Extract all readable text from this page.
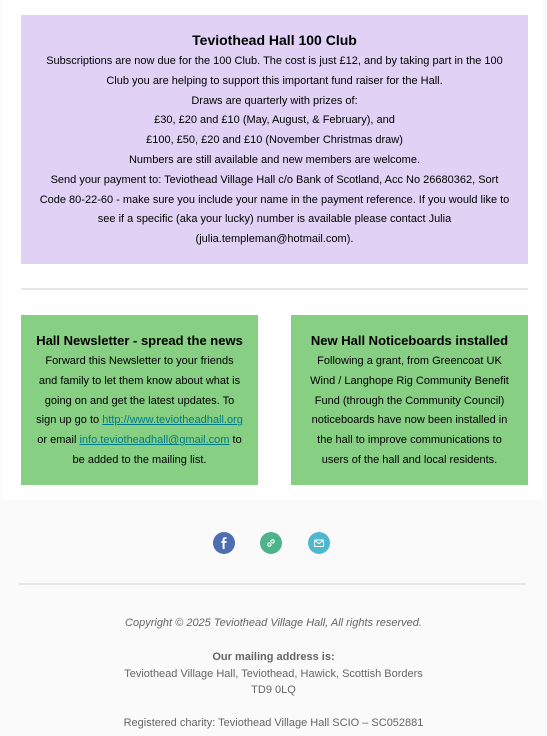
Teviothead Hall 100 Club

Subscriptions are now due for the 100 Club. The cost is just £12, and by taking part in the 100 Club you are helping to support this important fund raiser for the Hall.

Draws are quarterly with prizes of:

£30, £20 and £10 (May, August, & February), and

£100, £50, £20 and £10 (November Christmas draw)

Numbers are still available and new members are welcome.

Send your payment to: Teviothead Village Hall c/o Bank of Scotland, Acc No 26680362, Sort Code 80-22-60 - make sure you include your name in the payment reference. If you would like to see if a specific (aka your lucky) number is available please contact Julia (julia.templeman@hotmail.com).

Hall Newsletter - spread the news

Forward this Newsletter to your friends and family to let them know about what is going on and get the latest updates. To sign up go to http://www.teviotheadhall.org or email info.teviotheadhall@gmail.com to be added to the mailing list.

New Hall Noticeboards installed

Following a grant, from Greencoat UK Wind / Langhope Rig Community Benefit Fund (through the Community Council) noticeboards have now been installed in the hall to improve communications to users of the hall and local residents.

Copyright © 2025 Teviothead Village Hall, All rights reserved.
Our mailing address is:
Teviothead Village Hall, Teviothead, Hawick, Scottish Borders
TD9 0LQ
Registered charity: Teviothead Village Hall SCIO – SC052881
